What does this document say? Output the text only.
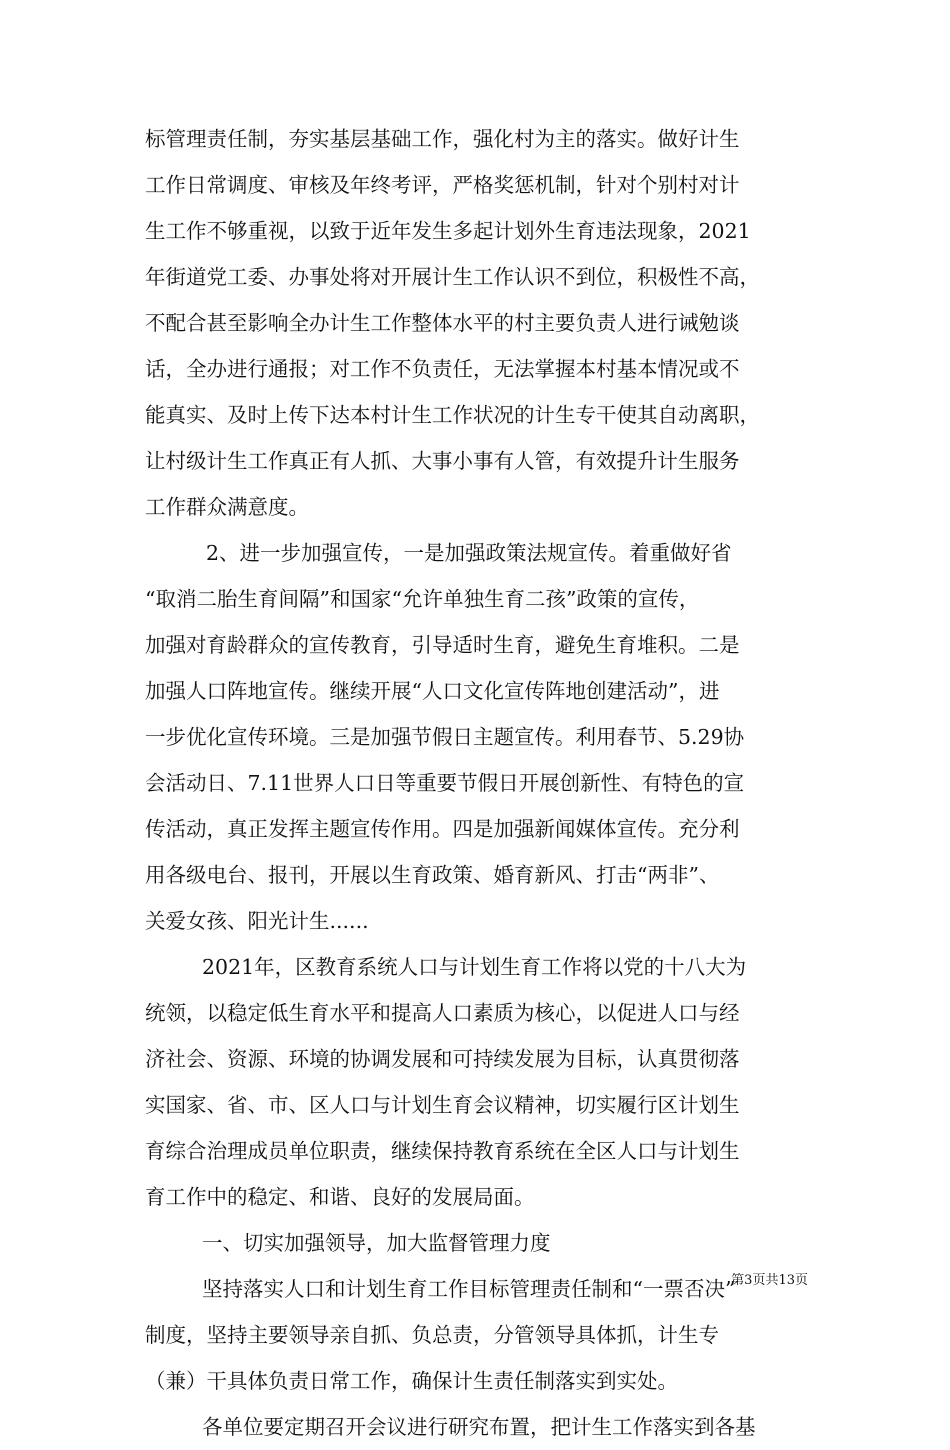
标管理责任制，夯实基层基础工作，强化村为主的落实。做好计生
工作日常调度、审核及年终考评，严格奖惩机制，针对个别村对计
生工作不够重视，以致于近年发生多起计划外生育违法现象，2021
年街道党工委、办事处将对开展计生工作认识不到位，积极性不高，
不配合甚至影响全办计生工作整体水平的村主要负责人进行诫勉谈
话，全办进行通报；对工作不负责任，无法掌握本村基本情况或不
能真实、及时上传下达本村计生工作状况的计生专干使其自动离职，
让村级计生工作真正有人抓、大事小事有人管，有效提升计生服务
工作群众满意度。
2、进一步加强宣传，一是加强政策法规宣传。着重做好省
“取消二胎生育间隔”和国家“允许单独生育二孩”政策的宣传，
加强对育龄群众的宣传教育，引导适时生育，避免生育堆积。二是
加强人口阵地宣传。继续开展“人口文化宣传阵地创建活动”，进
一步优化宣传环境。三是加强节假日主题宣传。利用春节、5.29协
会活动日、7.11世界人口日等重要节假日开展创新性、有特色的宣
传活动，真正发挥主题宣传作用。四是加强新闻媒体宣传。充分利
用各级电台、报刊，开展以生育政策、婚育新风、打击“两非”、
关爱女孩、阳光计生......
2021年，区教育系统人口与计划生育工作将以党的十八大为
统领，以稳定低生育水平和提高人口素质为核心，以促进人口与经
济社会、资源、环境的协调发展和可持续发展为目标，认真贯彻落
实国家、省、市、区人口与计划生育会议精神，切实履行区计划生
育综合治理成员单位职责，继续保持教育系统在全区人口与计划生
育工作中的稳定、和谐、良好的发展局面。
一、切实加强领导，加大监督管理力度
坚持落实人口和计划生育工作目标管理责任制和“一票否决”
制度，坚持主要领导亲自抓、负总责，分管领导具体抓，计生专
（兼）干具体负责日常工作，确保计生责任制落实到实处。
各单位要定期召开会议进行研究布置，把计生工作落实到各基
第3页共13页
